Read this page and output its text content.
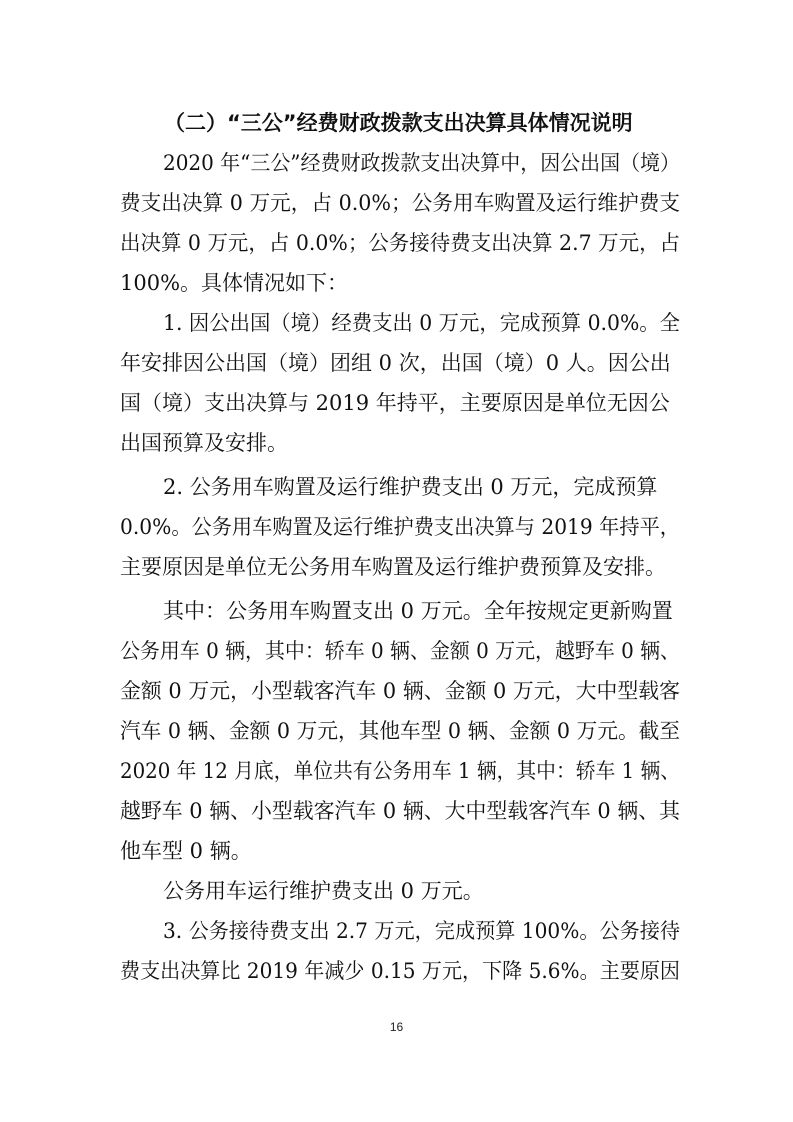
（二）“三公”经费财政拨款支出决算具体情况说明
2020 年“三公”经费财政拨款支出决算中，因公出国（境）
费支出决算 0 万元，占 0.0%；公务用车购置及运行维护费支
出决算 0 万元，占 0.0%；公务接待费支出决算 2.7 万元，占
100%。具体情况如下：
1. 因公出国（境）经费支出 0 万元，完成预算 0.0%。全
年安排因公出国（境）团组 0 次，出国（境）0 人。因公出
国（境）支出决算与 2019 年持平，主要原因是单位无因公
出国预算及安排。
2. 公务用车购置及运行维护费支出 0 万元，完成预算
0.0%。公务用车购置及运行维护费支出决算与 2019 年持平，
主要原因是单位无公务用车购置及运行维护费预算及安排。
其中：公务用车购置支出 0 万元。全年按规定更新购置
公务用车 0 辆，其中：轿车 0 辆、金额 0 万元，越野车 0 辆、
金额 0 万元，小型载客汽车 0 辆、金额 0 万元，大中型载客
汽车 0 辆、金额 0 万元，其他车型 0 辆、金额 0 万元。截至
2020 年 12 月底，单位共有公务用车 1 辆，其中：轿车 1 辆、
越野车 0 辆、小型载客汽车 0 辆、大中型载客汽车 0 辆、其
他车型 0 辆。
公务用车运行维护费支出 0 万元。
3. 公务接待费支出 2.7 万元，完成预算 100%。公务接待
费支出决算比 2019 年减少 0.15 万元，下降 5.6%。主要原因
16
